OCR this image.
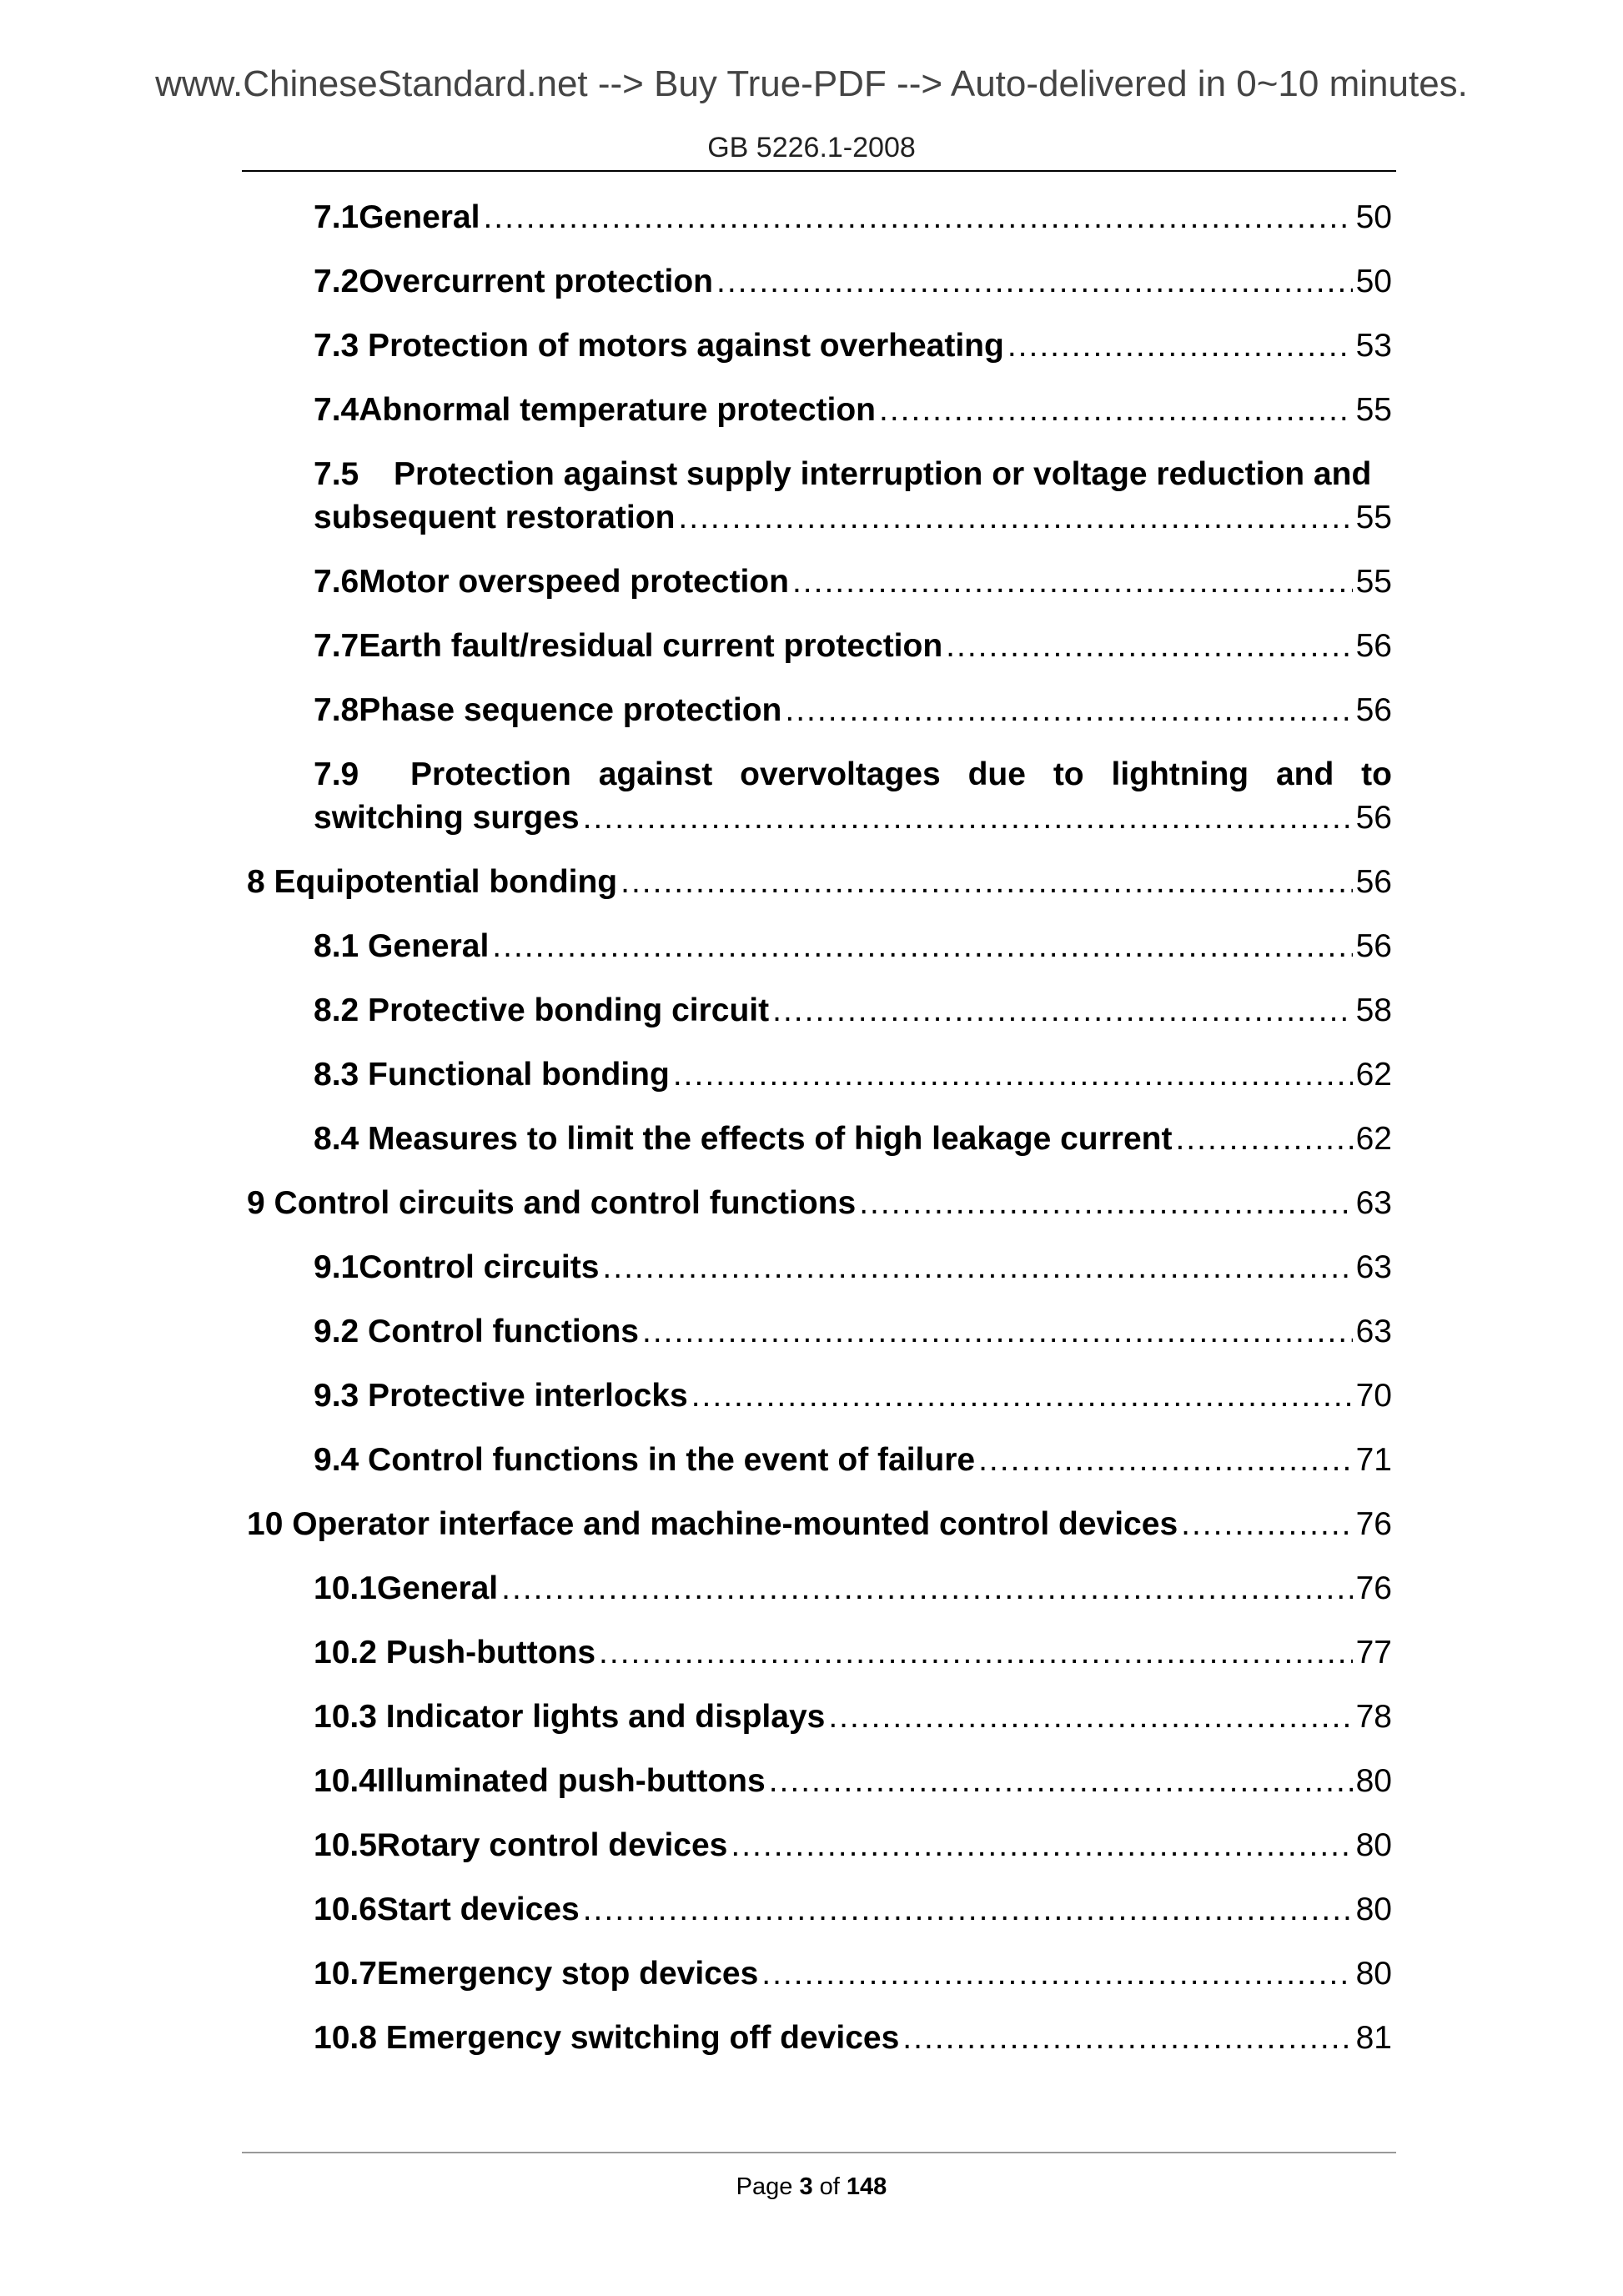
www.ChineseStandard.net --> Buy True-PDF --> Auto-delivered in 0~10 minutes.
GB 5226.1-2008
7.1 General .....	50
7.2 Overcurrent protection .....	50
7.3 Protection of motors against overheating .....	53
7.4 Abnormal temperature protection .....	55
7.5 Protection against supply interruption or voltage reduction and
subsequent restoration .....	55
7.6 Motor overspeed protection .....	55
7.7 Earth fault/residual current protection .....	56
7.8 Phase sequence protection .....	56
7.9	Protection against overvoltages due to lightning and to
switching surges .....	56
8 Equipotential bonding .....	56
8.1 General .....	56
8.2 Protective bonding circuit .....	58
8.3 Functional bonding .....	62
8.4 Measures to limit the effects of high leakage current .....	62
9 Control circuits and control functions .....	63
9.1 Control circuits .....	63
9.2 Control functions .....	63
9.3 Protective interlocks .....	70
9.4 Control functions in the event of failure .....	71
10 Operator interface and machine-mounted control devices .....	76
10.1 General .....	76
10.2 Push-buttons .....	77
10.3 Indicator lights and displays .....	78
10.4 Illuminated push-buttons .....	80
10.5 Rotary control devices .....	80
10.6 Start devices .....	80
10.7 Emergency stop devices .....	80
10.8 Emergency switching off devices .....	81
Page 3 of 148
